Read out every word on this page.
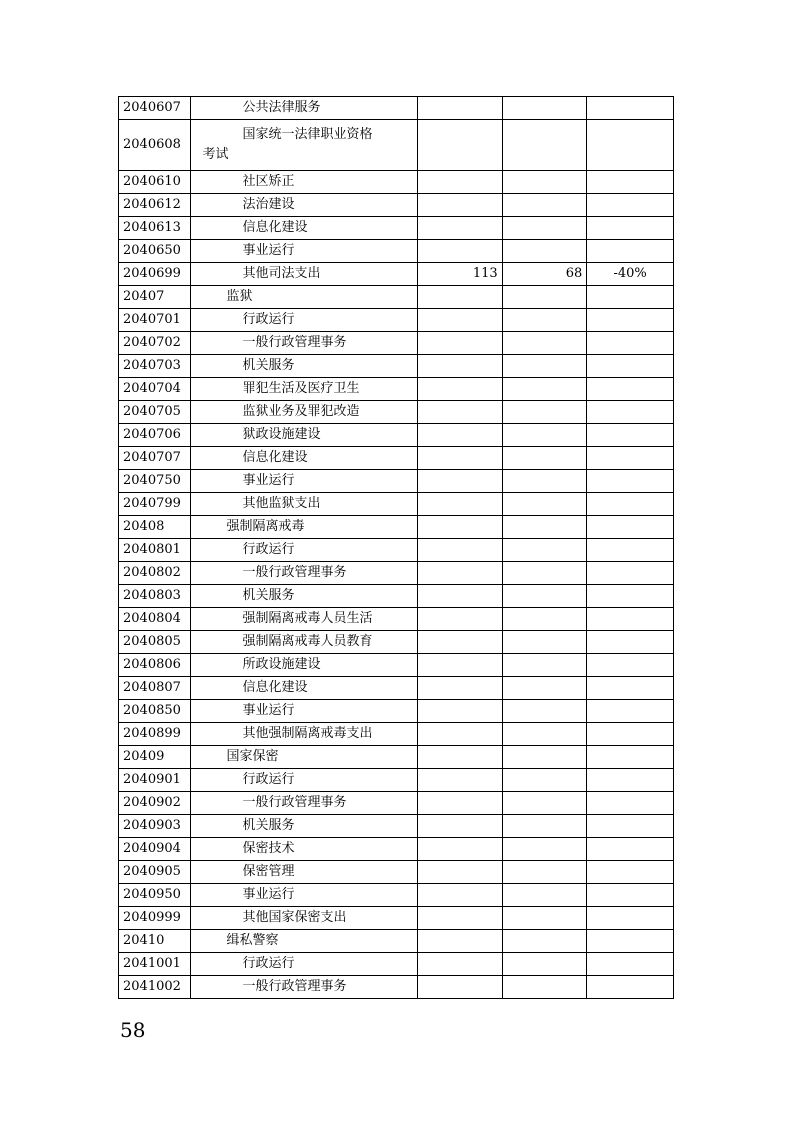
2040607	公共法律服务			
2040608	国家统一法律职业资格
考试			

2040610	社区矫正			
2040612	法治建设			
2040613	信息化建设			
2040650	事业运行			
2040699	其他司法支出	113	68	-40%
20407	监狱			
2040701	行政运行			
2040702	一般行政管理事务			
2040703	机关服务			
2040704	罪犯生活及医疗卫生			
2040705	监狱业务及罪犯改造			
2040706	狱政设施建设			
2040707	信息化建设			
2040750	事业运行			
2040799	其他监狱支出			
20408	强制隔离戒毒			
2040801	行政运行			
2040802	一般行政管理事务			
2040803	机关服务			
2040804	强制隔离戒毒人员生活			
2040805	强制隔离戒毒人员教育			
2040806	所政设施建设			
2040807	信息化建设			
2040850	事业运行			
2040899	其他强制隔离戒毒支出			
20409	国家保密			
2040901	行政运行			
2040902	一般行政管理事务			
2040903	机关服务			
2040904	保密技术			
2040905	保密管理			
2040950	事业运行			
2040999	其他国家保密支出			
20410	缉私警察			
2041001	行政运行			
2041002	一般行政管理事务			
58
